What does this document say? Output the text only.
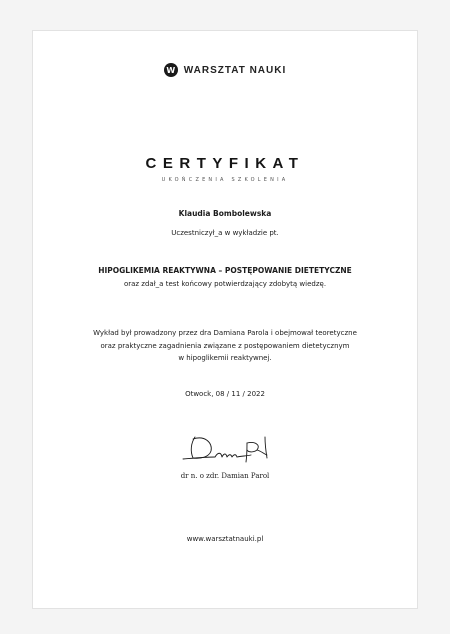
W WARSZTAT NAUKI
CERTYFIKAT
UKOŃCZENIA SZKOLENIA
Klaudia Bombolewska
Uczestniczył_a w wykładzie pt.
HIPOGLIKEMIA REAKTYWNA – POSTĘPOWANIE DIETETYCZNE
oraz zdał_a test końcowy potwierdzający zdobytą wiedzę.
Wykład był prowadzony przez dra Damiana Parola i obejmował teoretyczne
oraz praktyczne zagadnienia związane z postępowaniem dietetycznym
w hipoglikemii reaktywnej.
Otwock, 08 / 11 / 2022
dr n. o zdr. Damian Parol
www.warsztatnauki.pl
